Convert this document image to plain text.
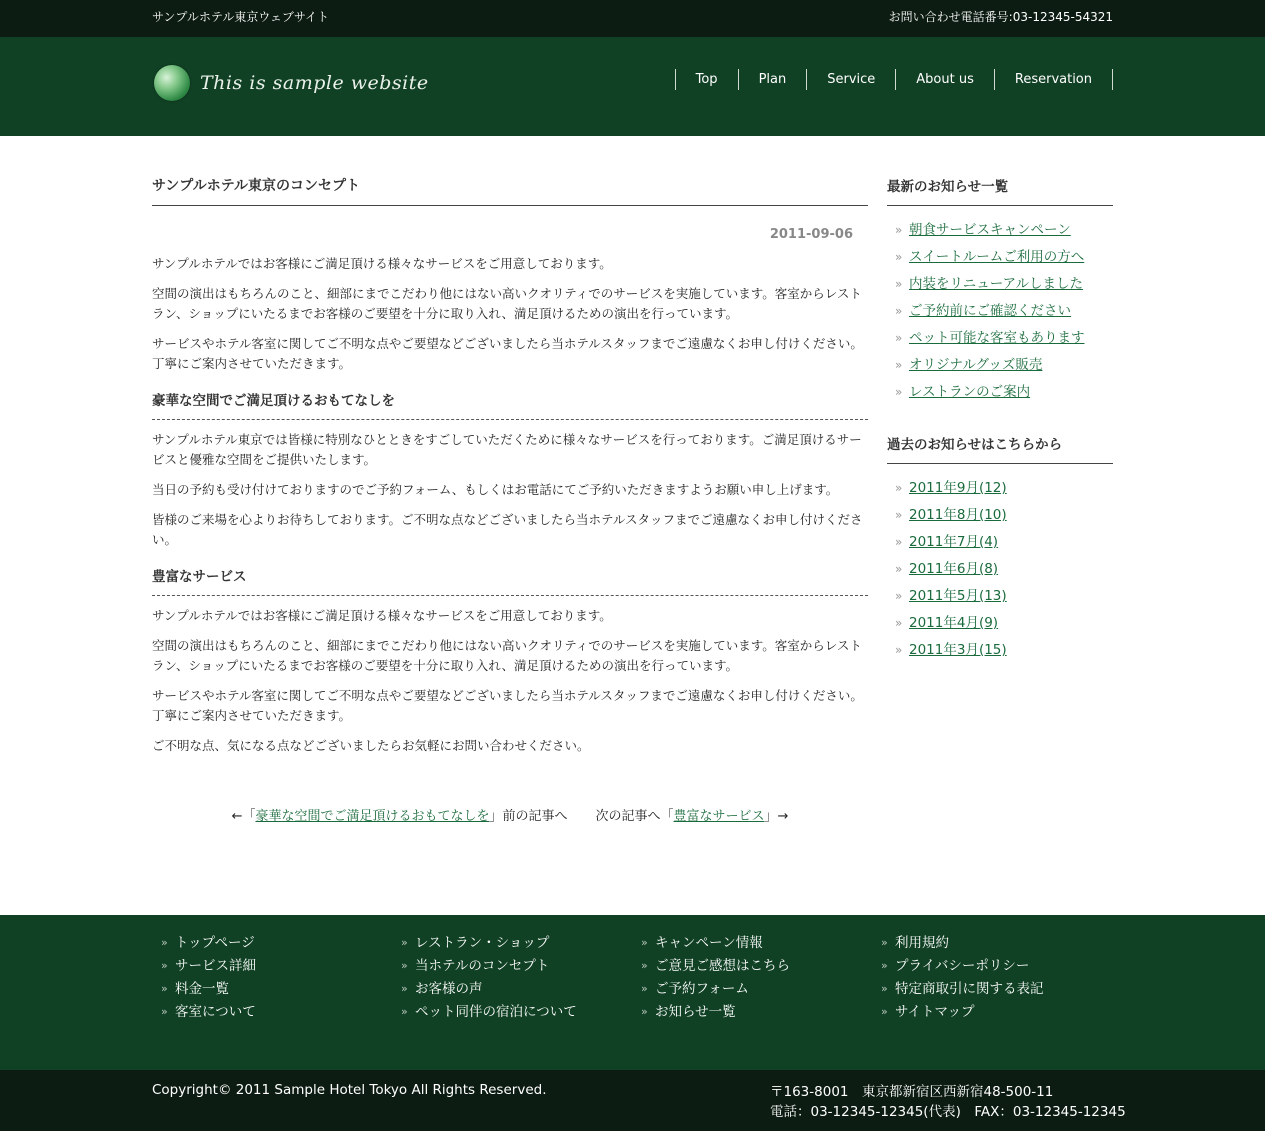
サンプルホテル東京ウェブサイト	お問い合わせ電話番号:03-12345-54321
This is sample website	Top	Plan	Service	About us	Reservation
サンプルホテル東京のコンセプト
2011-09-06

サンプルホテルではお客様にご満足頂ける様々なサービスをご用意しております。

空間の演出はもちろんのこと、細部にまでこだわり他にはない高いクオリティでのサービスを実施しています。客室からレストラン、ショップにいたるまでお客様のご要望を十分に取り入れ、満足頂けるための演出を行っています。

サービスやホテル客室に関してご不明な点やご要望などございましたら当ホテルスタッフまでご遠慮なくお申し付けください。丁寧にご案内させていただきます。

豪華な空間でご満足頂けるおもてなしを

サンプルホテル東京では皆様に特別なひとときをすごしていただくために様々なサービスを行っております。ご満足頂けるサービスと優雅な空間をご提供いたします。

当日の予約も受け付けておりますのでご予約フォーム、もしくはお電話にてご予約いただきますようお願い申し上げます。

皆様のご来場を心よりお待ちしております。ご不明な点などございましたら当ホテルスタッフまでご遠慮なくお申し付けください。

豊富なサービス

サンプルホテルではお客様にご満足頂ける様々なサービスをご用意しております。

空間の演出はもちろんのこと、細部にまでこだわり他にはない高いクオリティでのサービスを実施しています。客室からレストラン、ショップにいたるまでお客様のご要望を十分に取り入れ、満足頂けるための演出を行っています。

サービスやホテル客室に関してご不明な点やご要望などございましたら当ホテルスタッフまでご遠慮なくお申し付けください。丁寧にご案内させていただきます。

ご不明な点、気になる点などございましたらお気軽にお問い合わせください。

←「豪華な空間でご満足頂けるおもてなしを」前の記事へ 次の記事へ「豊富なサービス」→
最新のお知らせ一覧
» 朝食サービスキャンペーン
» スイートルームご利用の方へ
» 内装をリニューアルしました
» ご予約前にご確認ください
» ペット可能な客室もあります
» オリジナルグッズ販売
» レストランのご案内
過去のお知らせはこちらから
» 2011年9月(12)
» 2011年8月(10)
» 2011年7月(4)
» 2011年6月(8)
» 2011年5月(13)
» 2011年4月(9)
» 2011年3月(15)
» トップページ
» サービス詳細
» 料金一覧
» 客室について
» レストラン・ショップ
» 当ホテルのコンセプト
» お客様の声
» ペット同伴の宿泊について
» キャンペーン情報
» ご意見ご感想はこちら
» ご予約フォーム
» お知らせ一覧
» 利用規約
» プライバシーポリシー
» 特定商取引に関する表記
» サイトマップ
Copyright© 2011 Sample Hotel Tokyo All Rights Reserved.	〒163-8001　東京都新宿区西新宿48-500-11
電話：03-12345-12345(代表)　FAX：03-12345-12345
